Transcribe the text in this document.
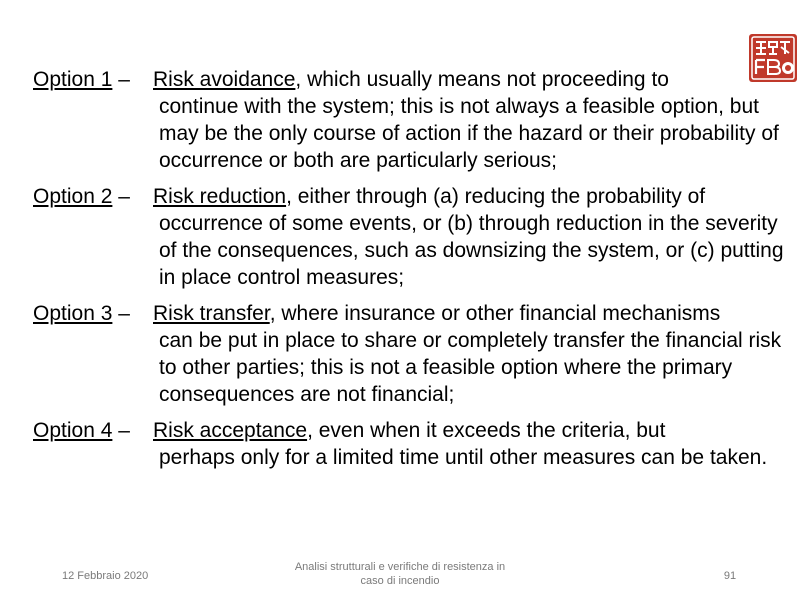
Option 1 –	Risk avoidance, which usually means not proceeding to
continue with the system; this is not always a feasible option, but may be the only course of action if the hazard or their probability of occurrence or both are particularly serious;
Option 2 –	Risk reduction, either through (a) reducing the probability of
occurrence of some events, or (b) through reduction in the severity of the consequences, such as downsizing the system, or (c) putting in place control measures;
Option 3 –	Risk transfer, where insurance or other financial mechanisms
can be put in place to share or completely transfer the financial risk to other parties; this is not a feasible option where the primary consequences are not financial;
Option 4 –	Risk acceptance, even when it exceeds the criteria, but
perhaps only for a limited time until other measures can be taken.
12 Febbraio 2020
Analisi strutturali e verifiche di resistenza in
caso di incendio	91
